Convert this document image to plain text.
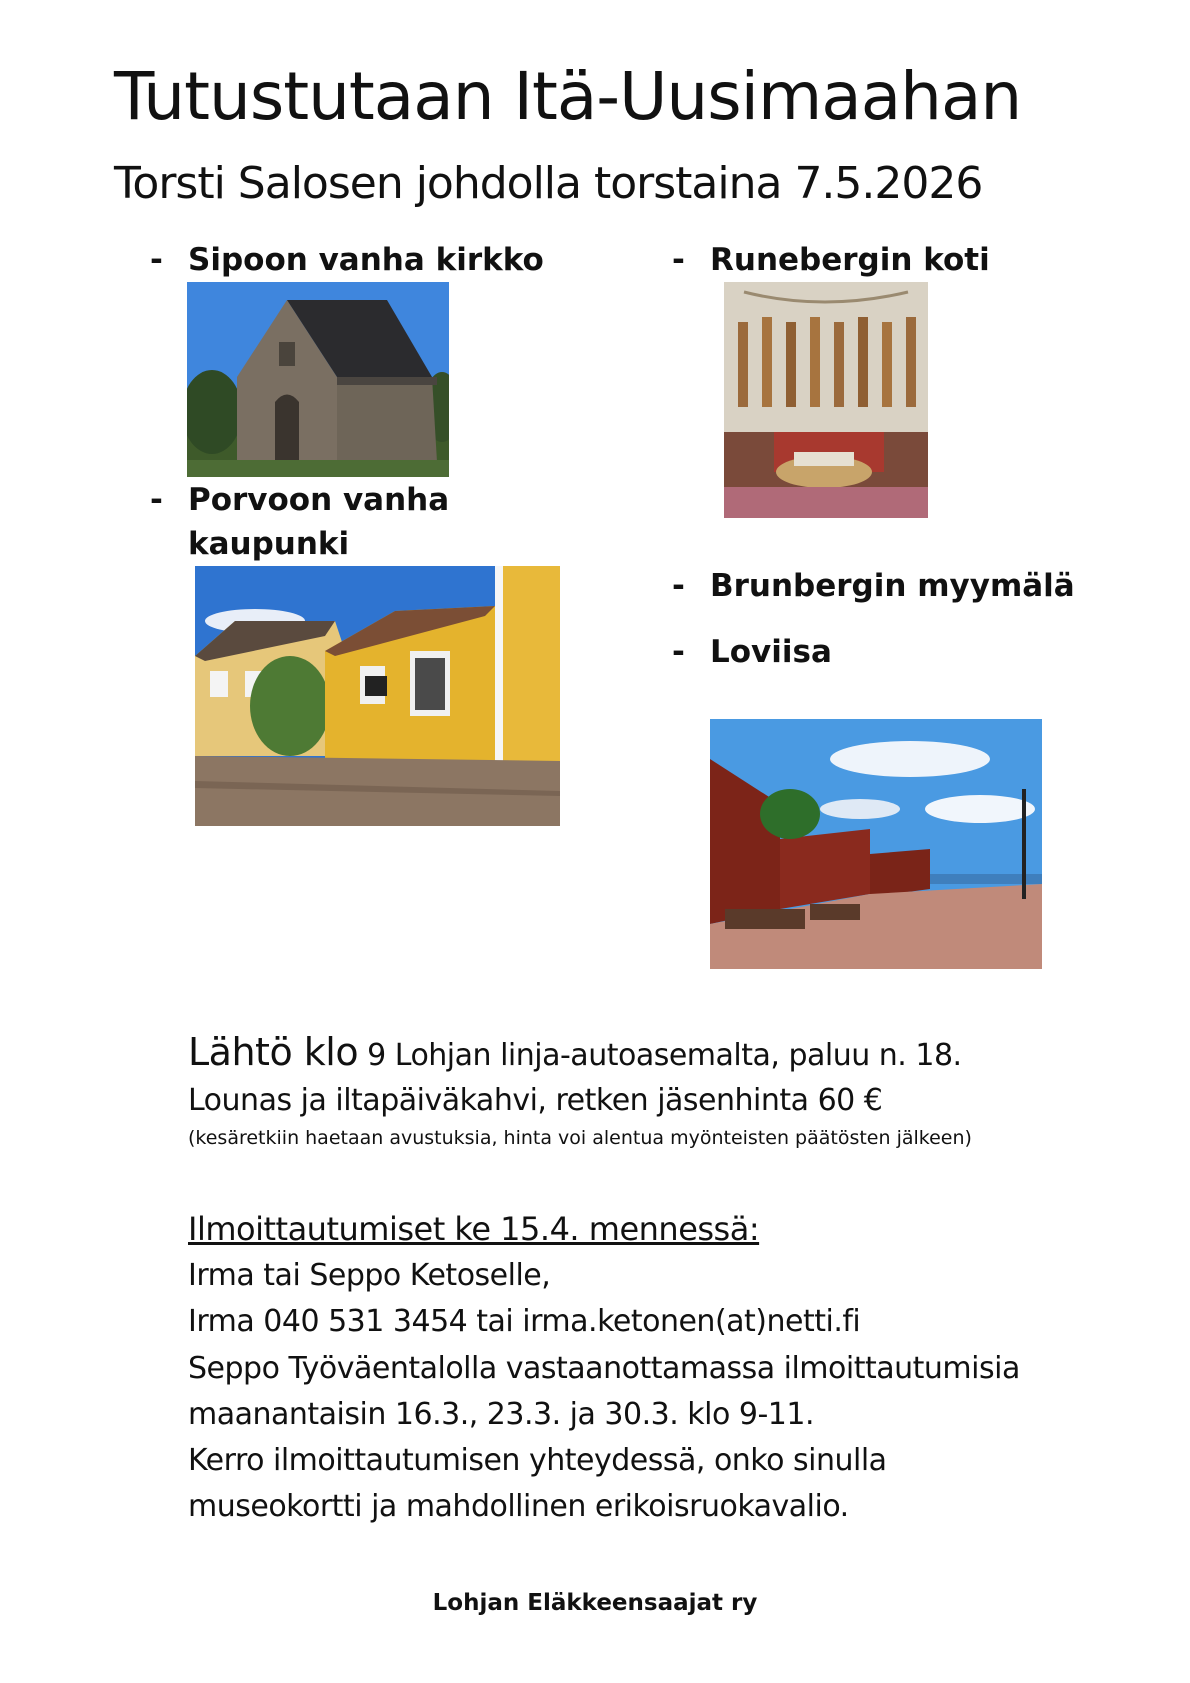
Tutustutaan Itä-Uusimaahan
Torsti Salosen johdolla torstaina 7.5.2026
- Sipoon vanha kirkko
- Porvoon vanha
kaupunki
- Runebergin koti
- Brunbergin myymälä
- Loviisa
Lähtö klo 9 Lohjan linja-autoasemalta, paluu n. 18.
Lounas ja iltapäiväkahvi, retken jäsenhinta 60 €
(kesäretkiin haetaan avustuksia, hinta voi alentua myönteisten päätösten jälkeen)
Ilmoittautumiset ke 15.4. mennessä:
Irma tai Seppo Ketoselle,
Irma 040 531 3454 tai irma.ketonen(at)netti.fi
Seppo Työväentalolla vastaanottamassa ilmoittautumisia
maanantaisin 16.3., 23.3. ja 30.3. klo 9-11.
Kerro ilmoittautumisen yhteydessä, onko sinulla
museokortti ja mahdollinen erikoisruokavalio.
Lohjan Eläkkeensaajat ry
